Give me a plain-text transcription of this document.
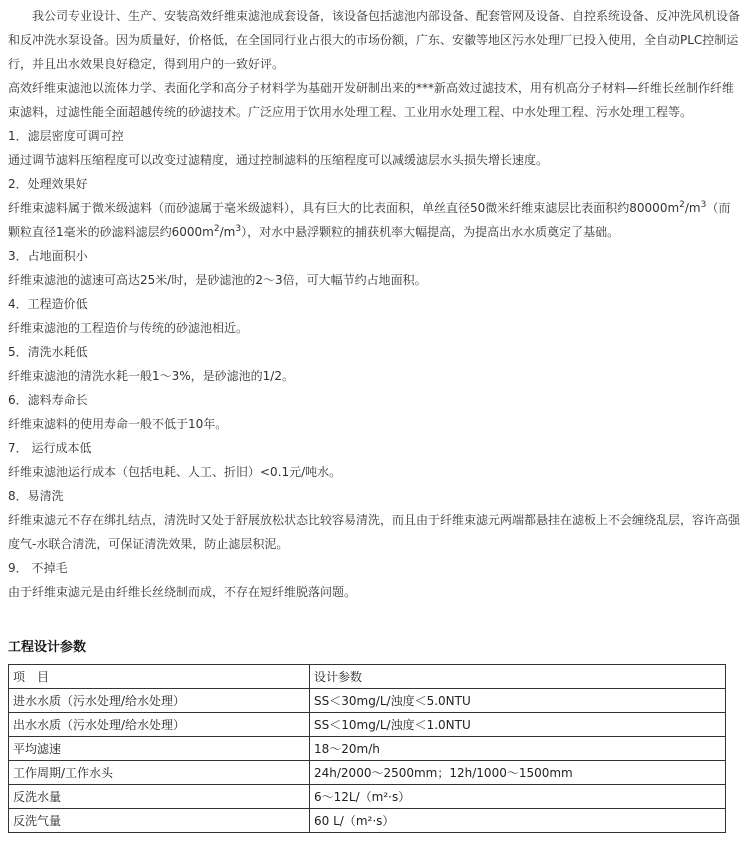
我公司专业设计、生产、安装高效纤维束滤池成套设备，该设备包括滤池内部设备、配套管网及设备、自控系统设备、反冲洗风机设备和反冲洗水泵设备。因为质量好，价格低，在全国同行业占很大的市场份额，广东、安徽等地区污水处理厂已投入使用，全自动PLC控制运行，并且出水效果良好稳定，得到用户的一致好评。

高效纤维束滤池以流体力学、表面化学和高分子材料学为基础开发研制出来的***新高效过滤技术，用有机高分子材料—纤维长丝制作纤维束滤料，过滤性能全面超越传统的砂滤技术。广泛应用于饮用水处理工程、工业用水处理工程、中水处理工程、污水处理工程等。

1．滤层密度可调可控

通过调节滤料压缩程度可以改变过滤精度，通过控制滤料的压缩程度可以减缓滤层水头损失增长速度。

2．处理效果好

纤维束滤料属于微米级滤料（而砂滤属于毫米级滤料），具有巨大的比表面积，单丝直径50微米纤维束滤层比表面积约$80000m^2/m^3$（而颗粒直径1毫米的砂滤料滤层约$6000m^2/m^3$），对水中悬浮颗粒的捕获机率大幅提高，为提高出水水质奠定了基础。

3．占地面积小

纤维束滤池的滤速可高达25米/时，是砂滤池的2～3倍，可大幅节约占地面积。

4．工程造价低

纤维束滤池的工程造价与传统的砂滤池相近。

5．清洗水耗低

纤维束滤池的清洗水耗一般1～3%，是砂滤池的1/2。

6．滤料寿命长

纤维束滤料的使用寿命一般不低于10年。

7． 运行成本低

纤维束滤池运行成本（包括电耗、人工、折旧）<0.1元/吨水。

8．易清洗

纤维束滤元不存在绑扎结点，清洗时又处于舒展放松状态比较容易清洗，而且由于纤维束滤元两端都悬挂在滤板上不会缠绕乱层，容许高强度气-水联合清洗，可保证清洗效果，防止滤层积泥。

9． 不掉毛

由于纤维束滤元是由纤维长丝绕制而成，不存在短纤维脱落问题。

工程设计参数

项　目	设计参数
进水水质（污水处理/给水处理）	SS＜30mg/L/浊度＜5.0NTU
出水水质（污水处理/给水处理）	SS＜10mg/L/浊度＜1.0NTU
平均滤速	18～20m/h
工作周期/工作水头	24h/2000～2500mm；12h/1000～1500mm
反洗水量	6～12L/（m²·s）
反洗气量	60 L/（m²·s）
